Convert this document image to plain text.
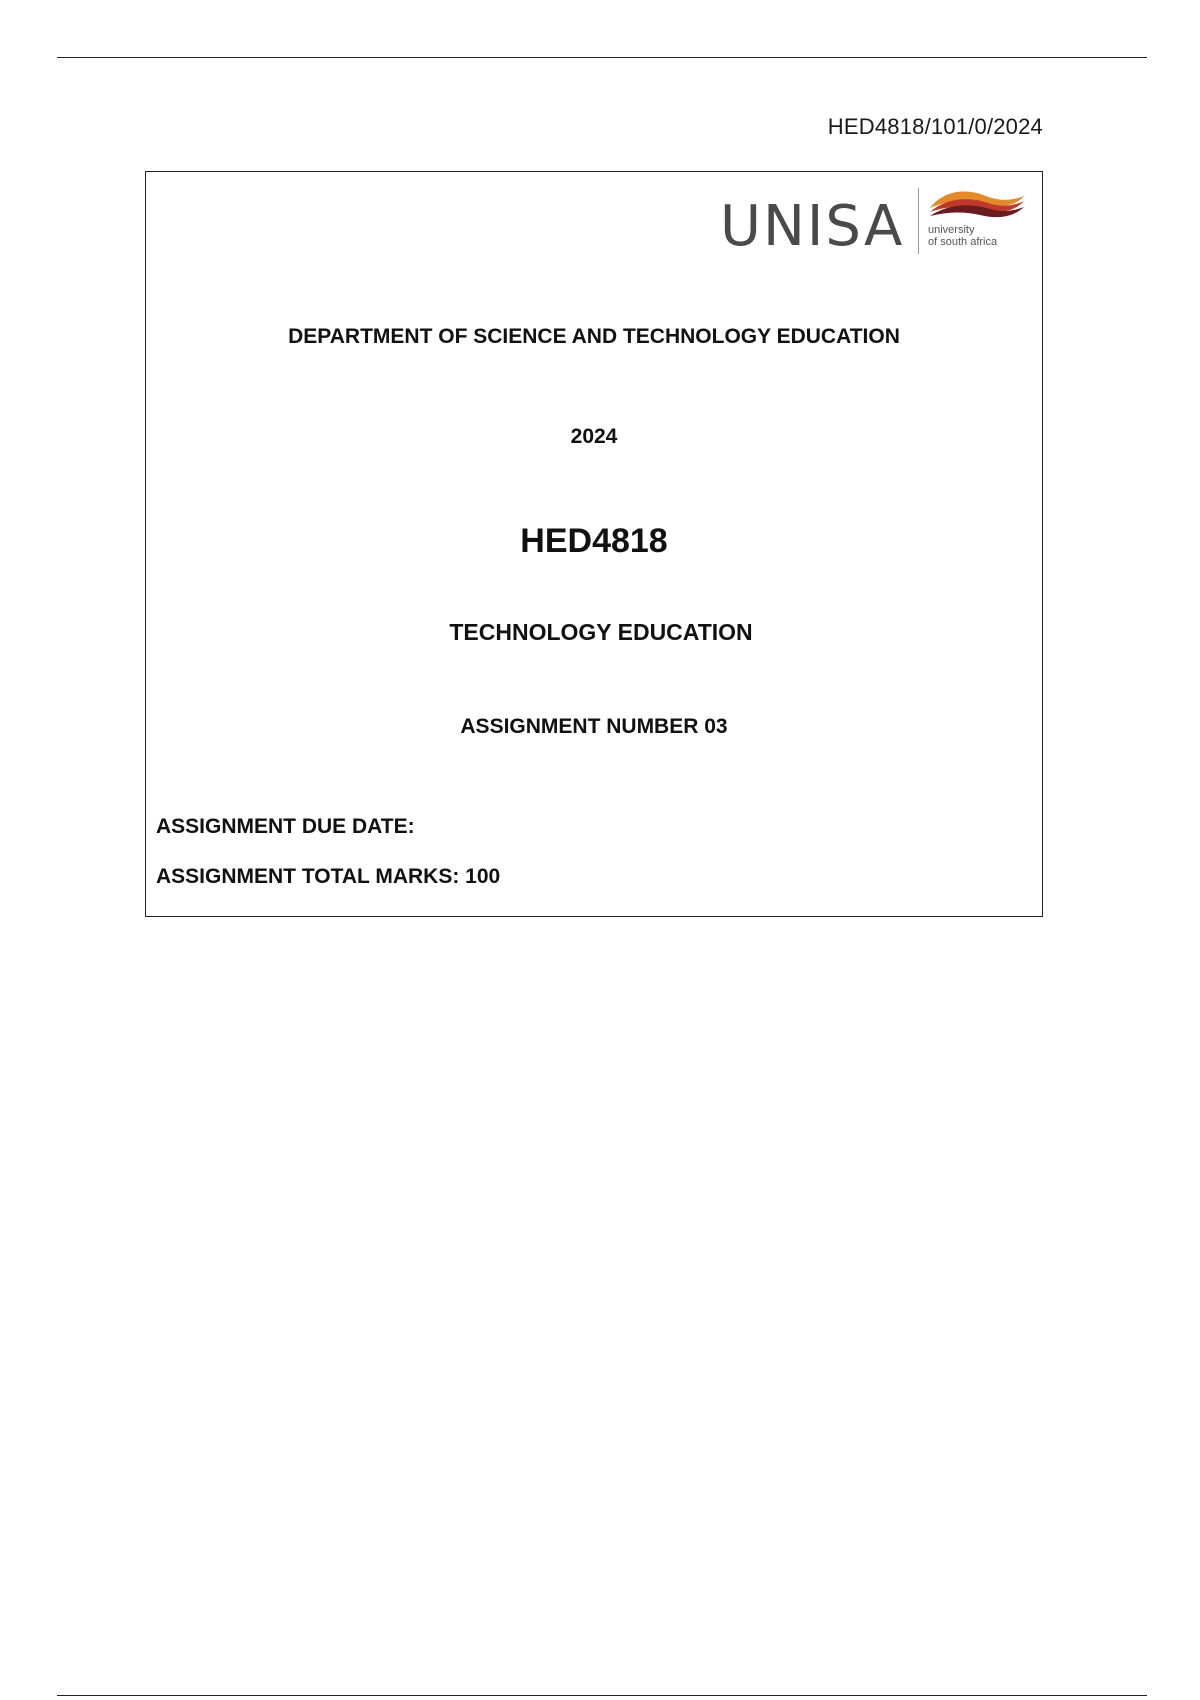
HED4818/101/0/2024
UNISA university
of south africa
DEPARTMENT OF SCIENCE AND TECHNOLOGY EDUCATION
2024
HED4818
TECHNOLOGY EDUCATION
ASSIGNMENT NUMBER 03
ASSIGNMENT DUE DATE:
ASSIGNMENT TOTAL MARKS: 100
